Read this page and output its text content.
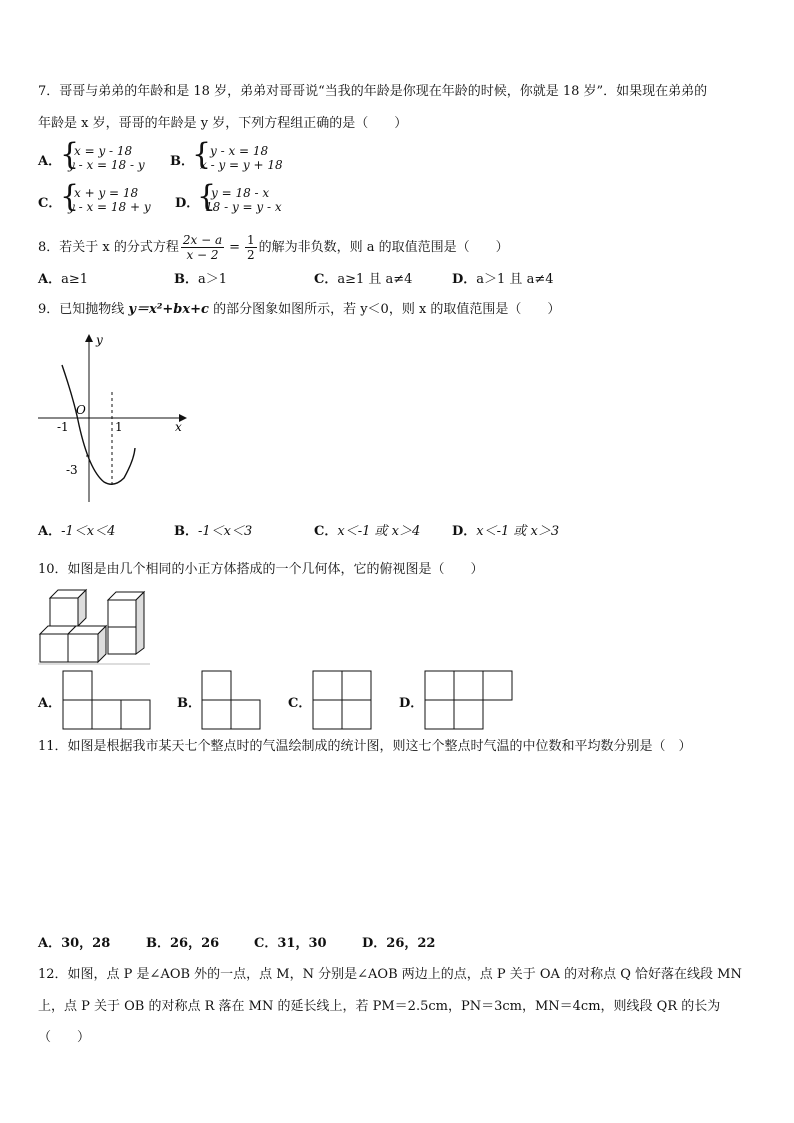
7．哥哥与弟弟的年龄和是 18 岁，弟弟对哥哥说“当我的年龄是你现在年龄的时候，你就是 18 岁”．如果现在弟弟的
年龄是 x 岁，哥哥的年龄是 y 岁，下列方程组正确的是（　　）
A．
{
x = y - 18
y - x = 18 - y B．
{
y - x = 18
x - y = y + 18
C．
{
x + y = 18
y - x = 18 + y D．
{
y = 18 - x
18 - y = y - x
8．若关于 x 的分式方程 $\frac{2x - a}{x - 2} = \frac{1}{2}$ 的解为非负数，则 a 的取值范围是（　　）
A．a≥1	B．a＞1	C．a≥1 且 a≠4	D．a＞1 且 a≠4
9．已知抛物线 y＝x²+bx+c 的部分图象如图所示，若 y＜0，则 x 的取值范围是（　　）
y
x
O
-1	1
-3
A．-1＜x＜4	B．-1＜x＜3	C．x＜-1 或 x＞4 D．x＜-1 或 x＞3
10．如图是由几个相同的小正方体搭成的一个几何体，它的俯视图是（　　）
A．	B．	C．	D．
11．如图是根据我市某天七个整点时的气温绘制成的统计图，则这七个整点时气温的中位数和平均数分别是（　）
A．30，28	B．26，26	C．31，30	D．26，22
12．如图，点 P 是∠AOB 外的一点，点 M，N 分别是∠AOB 两边上的点，点 P 关于 OA 的对称点 Q 恰好落在线段 MN
上，点 P 关于 OB 的对称点 R 落在 MN 的延长线上，若 PM＝2.5cm，PN＝3cm，MN＝4cm，则线段 QR 的长为
（　　）
